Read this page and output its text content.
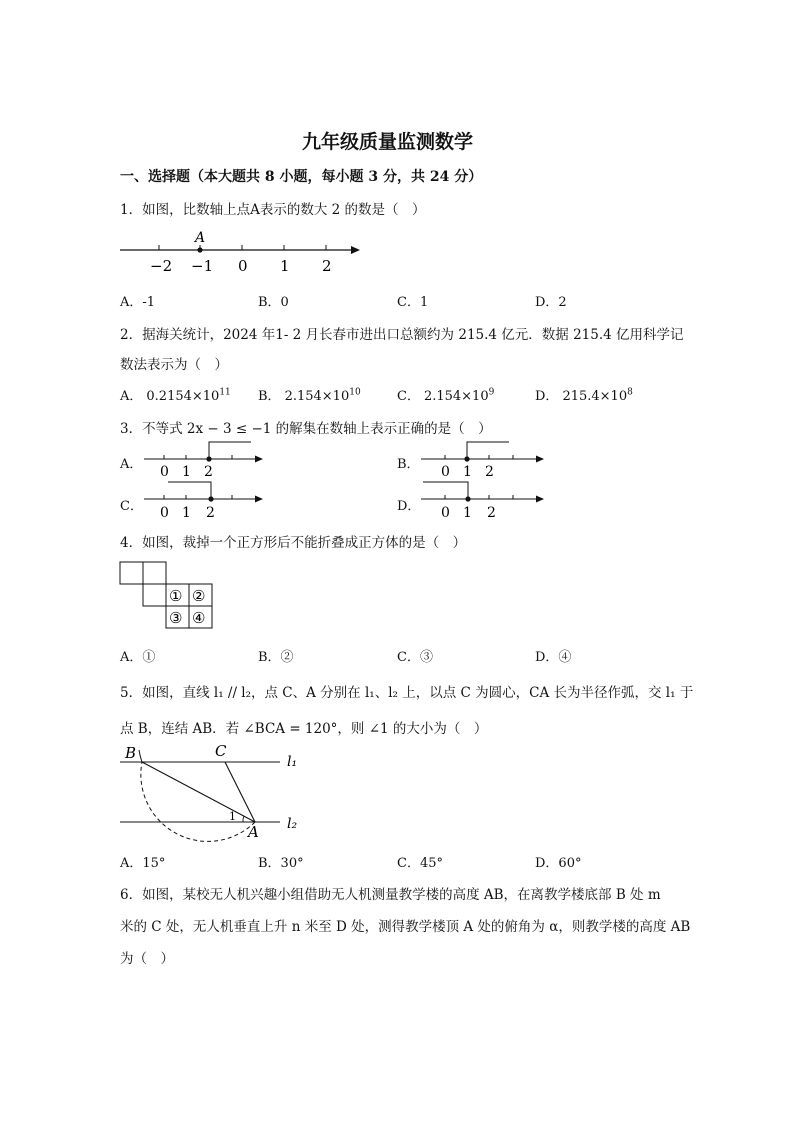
九年级质量监测数学
一、选择题（本大题共 8 小题，每小题 3 分，共 24 分）
1．如图，比数轴上点A表示的数大 2 的数是（　）
A
−2 −1 0 1 2
A．-1	B．0	C．1	D．2
2．据海关统计，2024 年1- 2 月长春市进出口总额约为 215.4 亿元．数据 215.4 亿用科学记
数法表示为（　）
A． $0.2154\times 10^{11}$ B． $2.154\times 10^{10}$	C． $2.154\times 10^9$	D． $215.4\times 10^8$
3．不等式 2x − 3 ≤ −1 的解集在数轴上表示正确的是（　）
A． 0 1 2	B． 0 1 2
C． 0 1 2	D． 0 1 2
4．如图，裁掉一个正方形后不能折叠成正方体的是（　）
① ②
③ ④
A．①	B．②	C．③	D．④
5．如图，直线 l₁ // l₂，点 C、A 分别在 l₁、l₂ 上，以点 C 为圆心，CA 长为半径作弧，交 l₁ 于
点 B，连结 AB．若 ∠BCA = 120°，则 ∠1 的大小为（　）
B	C
A
l₁
l₂
1
A．15°	B．30°	C．45°	D．60°
6．如图，某校无人机兴趣小组借助无人机测量教学楼的高度 AB，在离教学楼底部 B 处 m
米的 C 处，无人机垂直上升 n 米至 D 处，测得教学楼顶 A 处的俯角为 α，则教学楼的高度 AB
为（　）
